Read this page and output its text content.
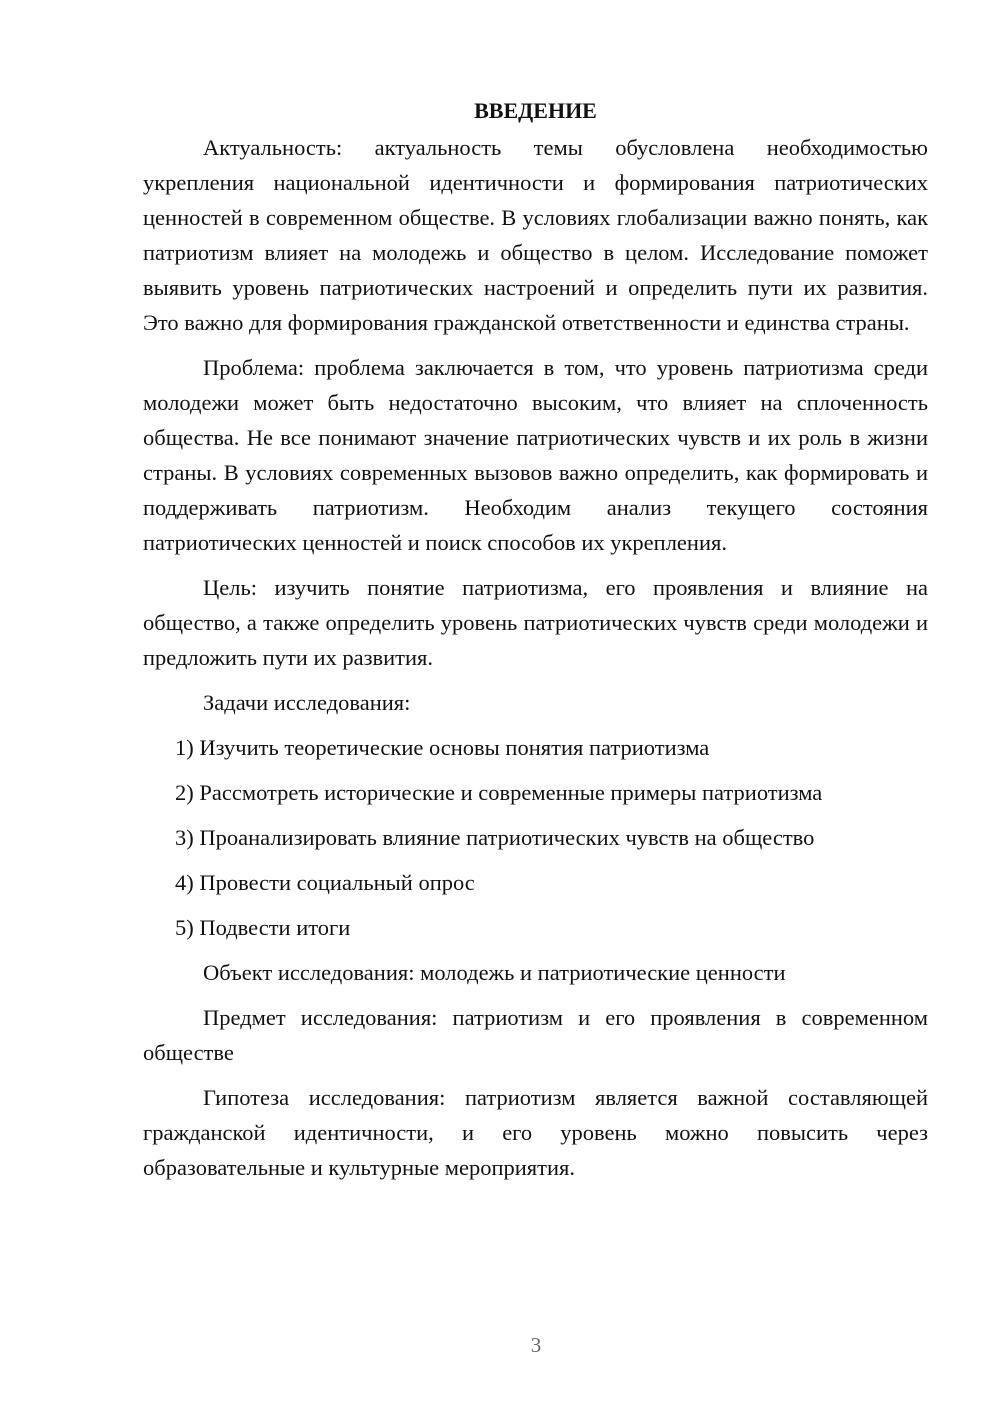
ВВЕДЕНИЕ

Актуальность: актуальность темы обусловлена необходимостью укрепления национальной идентичности и формирования патриотических ценностей в современном обществе. В условиях глобализации важно понять, как патриотизм влияет на молодежь и общество в целом. Исследование поможет выявить уровень патриотических настроений и определить пути их развития. Это важно для формирования гражданской ответственности и единства страны.

Проблема: проблема заключается в том, что уровень патриотизма среди молодежи может быть недостаточно высоким, что влияет на сплоченность общества. Не все понимают значение патриотических чувств и их роль в жизни страны. В условиях современных вызовов важно определить, как формировать и поддерживать патриотизм. Необходим анализ текущего состояния патриотических ценностей и поиск способов их укрепления.

Цель: изучить понятие патриотизма, его проявления и влияние на общество, а также определить уровень патриотических чувств среди молодежи и предложить пути их развития.

Задачи исследования:

1) Изучить теоретические основы понятия патриотизма

2) Рассмотреть исторические и современные примеры патриотизма

3) Проанализировать влияние патриотических чувств на общество

4) Провести социальный опрос

5) Подвести итоги

Объект исследования: молодежь и патриотические ценности

Предмет исследования: патриотизм и его проявления в современном обществе

Гипотеза исследования: патриотизм является важной составляющей гражданской идентичности, и его уровень можно повысить через образовательные и культурные мероприятия.

3
